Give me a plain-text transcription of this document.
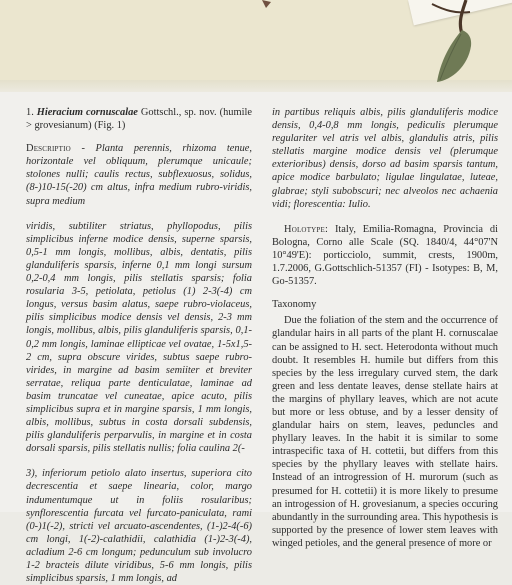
1. Hieracium cornuscalae Gottschl., sp. nov. (humile > grovesianum) (Fig. 1)

Descriptio - Planta perennis, rhizoma tenue, horizontale vel obliquum, plerumque unicaule; stolones nulli; caulis rectus, subflexuosus, solidus, (8-)10-15(-20) cm altus, infra medium rubro-viridis, supra medium

viridis, subtiliter striatus, phyllopodus, pilis simplicibus inferne modice densis, superne sparsis, 0,5-1 mm longis, mollibus, albis, dentatis, pilis glanduliferis sparsis, inferne 0,1 mm longi sursum 0,2-0,4 mm longis, pilis stellatis sparsis; folia rosularia 3-5, petiolata, petiolus (1) 2-3(-4) cm longus, versus basim alatus, saepe rubro-violaceus, pilis simplicibus modice densis vel densis, 2-3 mm longis, mollibus, albis, pilis glanduliferis sparsis, 0,1-0,2 mm longis, laminae ellipticae vel ovatae, 1-5x1,5-2 cm, supra obscure virides, subtus saepe rubro-virides, in margine ad basim semiiter et breviter serratae, reliqua parte denticulatae, laminae ad basim truncatae vel cuneatae, apice acuto, pilis simplicibus supra et in margine sparsis, 1 mm longis, albis, mollibus, subtus in costa dorsali subdensis, pilis glanduliferis perparvulis, in margine et in costa dorsali sparsis, pilis stellatis nullis; folia caulina 2(-

3), inferiorum petiolo alato insertus, superiora cito decrescentia et saepe linearia, color, margo indumentumque ut in foliis rosularibus; synflorescentia furcata vel furcato-paniculata, rami (0-)1(-2), stricti vel arcuato-ascendentes, (1-)2-4(-6) cm longi, 1(-2)-calathidii, calathidia (1-)2-3(-4), acladium 2-6 cm longum; pedunculum sub involucro 1-2 bracteis dilute viridibus, 5-6 mm longis, pilis simplicibus sparsis, 1 mm longis, ad

in partibus reliquis albis, pilis glanduliferis modice densis, 0,4-0,8 mm longis, pediculis plerumque regulariter vel atris vel albis, glandulis atris, pilis stellatis margine modice densis vel (plerumque exterioribus) densis, dorso ad basim sparsis tantum, apice modice barbulato; ligulae lingulatae, luteae, glabrae; styli subobscuri; nec alveolos nec achaenia vidi; florescentia: Iulio.

Holotype: Italy, Emilia-Romagna, Provincia di Bologna, Corno alle Scale (SQ. 1840/4, 44°07'N 10°49'E): porticciolo, summit, crests, 1900m, 1.7.2006, G.Gottschlich-51357 (FI) - Isotypes: B, M, Go-51357.

Taxonomy

Due the foliation of the stem and the occurrence of glandular hairs in all parts of the plant H. cornuscalae can be assigned to H. sect. Heterodonta without much doubt. It resembles H. humile but differs from this species by the less irregulary curved stem, the dark green and less dentate leaves, dense stellate hairs at the margins of phyllary leaves, which are not acute but more or less obtuse, and by a lesser density of glandular hairs on stem, leaves, peduncles and phyllary leaves. In the habit it is similar to some intraspecific taxa of H. cottetii, but differs from this species by the phyllary leaves with stellate hairs. Instead of an introgression of H. murorum (such as presumed for H. cottetii) it is more likely to presume an introgession of H. grovesianum, a species occuring abundantly in the surrounding area. This hypothesis is supported by the presence of lower stem leaves with winged petioles, and the general presence of more or
